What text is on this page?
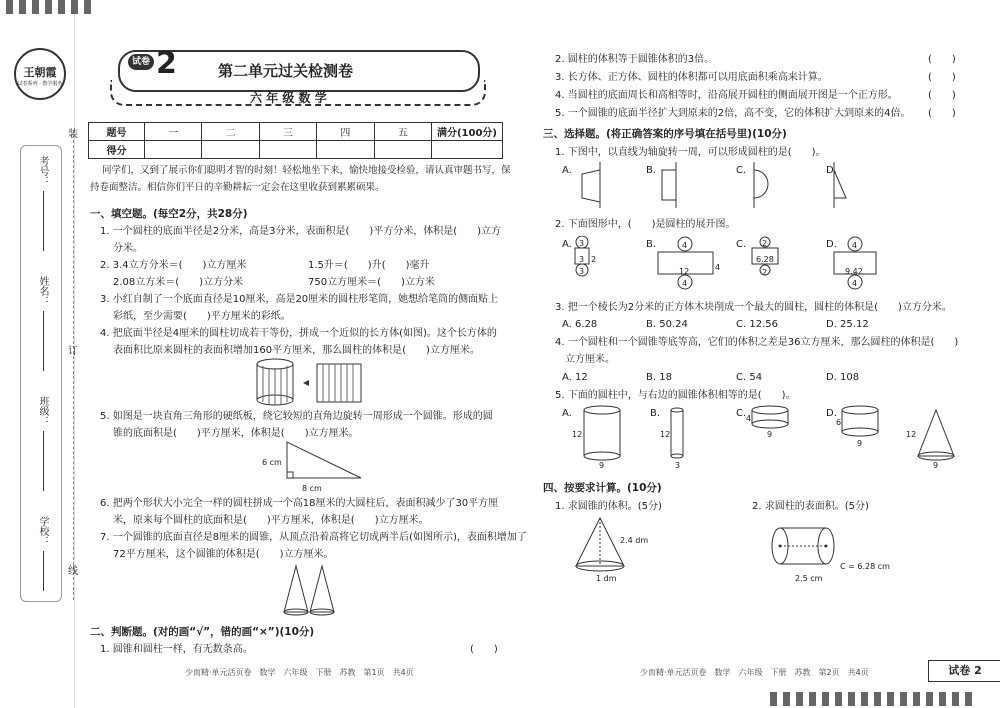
王朝霞
试卷系列 · 教学服务
考号：
姓名：
班级：
学校：
装
订
线
试卷 2	第二单元过关检测卷
六 年 级 数 学
题号	一	二	三	四	五	满分(100分)
得分						
同学们，又到了展示你们聪明才智的时刻！轻松地坐下来，愉快地接受检验，请认真审题书写，保
持卷面整洁。相信你们平日的辛勤耕耘一定会在这里收获到累累硕果。
一、填空题。(每空2分，共28分)
1. 一个圆柱的底面半径是2分米，高是3分米，表面积是(　　)平方分米，体积是(　　)立方
分米。
2. 3.4立方分米＝(　　)立方厘米	1.5升＝(　　)升(　　)毫升
2.08立方米＝(　　)立方分米	750立方厘米＝(　　)立方米
3. 小红自制了一个底面直径是10厘米，高是20厘米的圆柱形笔筒，她想给笔筒的侧面贴上
彩纸，至少需要(　　)平方厘米的彩纸。
4. 把底面半径是4厘米的圆柱切成若干等份，拼成一个近似的长方体(如图)。这个长方体的
表面积比原来圆柱的表面积增加160平方厘米，那么圆柱的体积是(　　)立方厘米。
5. 如图是一块直角三角形的硬纸板，绕它较短的直角边旋转一周形成一个圆锥。形成的圆
锥的底面积是(　　)平方厘米，体积是(　　)立方厘米。
6 cm
8 cm
6. 把两个形状大小完全一样的圆柱拼成一个高18厘米的大圆柱后，表面积减少了30平方厘
米，原来每个圆柱的底面积是(　　)平方厘米，体积是(　　)立方厘米。
7. 一个圆锥的底面直径是8厘米的圆锥，从顶点沿着高将它切成两半后(如图所示)，表面积增加了
72平方厘米，这个圆锥的体积是(　　)立方厘米。
二、判断题。(对的画“√”，错的画“×”)(10分)
1. 圆锥和圆柱一样，有无数条高。	(　　)
少而精·单元活页卷　数学　六年级　下册　苏教　第1页　共4页
2. 圆柱的体积等于圆锥体积的3倍。	(　　)
3. 长方体、正方体、圆柱的体积都可以用底面积乘高来计算。	(　　)
4. 当圆柱的底面周长和高相等时，沿高展开圆柱的侧面展开图是一个正方形。	(　　)
5. 一个圆锥的底面半径扩大到原来的2倍，高不变，它的体积扩大到原来的4倍。 (　　)
三、选择题。(将正确答案的序号填在括号里)(10分)
1. 下图中，以直线为轴旋转一周，可以形成圆柱的是(　　)。
A.	B.	C.	D.
2. 下面图形中，(　　)是圆柱的展开图。
A.	B.	C.	D.
3
3
3
2
4
12
4
4
2
6.28
2
4
9.42
4
3. 把一个棱长为2分米的正方体木块削成一个最大的圆柱，圆柱的体积是(　　)立方分米。
A. 6.28	B. 50.24	C. 12.56	D. 25.12
4. 一个圆柱和一个圆锥等底等高，它们的体积之差是36立方厘米，那么圆柱的体积是(　　)
立方厘米。
A. 12	B. 18	C. 54	D. 108
5. 下面的圆柱中，与右边的圆锥体积相等的是(　　)。
A.	B.	C.	D.
12
9
12
3
4
9
6
9
12
9
四、按要求计算。(10分)
1. 求圆锥的体积。(5分)	2. 求圆柱的表面积。(5分)
2.4 dm
1 dm	2.5 cm
C = 6.28 cm
少而精·单元活页卷　数学　六年级　下册　苏教　第2页　共4页	试卷 2
